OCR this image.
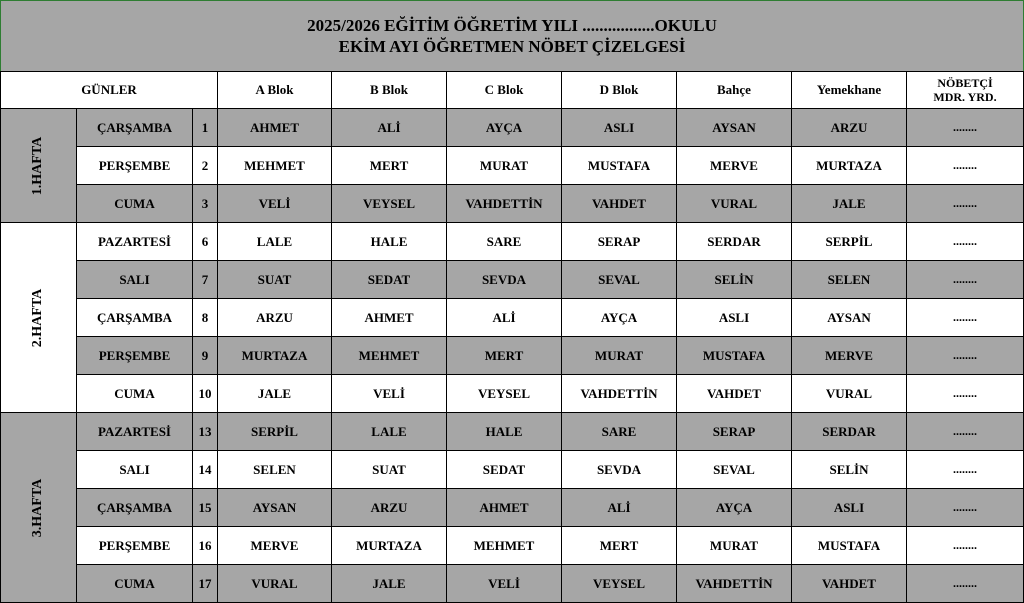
2025/2026 EĞİTİM ÖĞRETİM YILI .................OKULU
EKİM AYI ÖĞRETMEN NÖBET ÇİZELGESİ
GÜNLER			A Blok	B Blok	C Blok	D Blok	Bahçe	Yemekhane	NÖBETÇİ
MDR. YRD.
1.HAFTA	ÇARŞAMBA	1	AHMET	ALİ	AYÇA	ASLI	AYSAN	ARZU	........
	PERŞEMBE	2	MEHMET	MERT	MURAT	MUSTAFA	MERVE	MURTAZA	........
	CUMA	3	VELİ	VEYSEL	VAHDETTİN	VAHDET	VURAL	JALE	........
2.HAFTA	PAZARTESİ	6	LALE	HALE	SARE	SERAP	SERDAR	SERPİL	........
	SALI	7	SUAT	SEDAT	SEVDA	SEVAL	SELİN	SELEN	........
	ÇARŞAMBA	8	ARZU	AHMET	ALİ	AYÇA	ASLI	AYSAN	........
	PERŞEMBE	9	MURTAZA	MEHMET	MERT	MURAT	MUSTAFA	MERVE	........
	CUMA	10	JALE	VELİ	VEYSEL	VAHDETTİN	VAHDET	VURAL	........
3.HAFTA	PAZARTESİ	13	SERPİL	LALE	HALE	SARE	SERAP	SERDAR	........
	SALI	14	SELEN	SUAT	SEDAT	SEVDA	SEVAL	SELİN	........
	ÇARŞAMBA	15	AYSAN	ARZU	AHMET	ALİ	AYÇA	ASLI	........
	PERŞEMBE	16	MERVE	MURTAZA	MEHMET	MERT	MURAT	MUSTAFA	........
	CUMA	17	VURAL	JALE	VELİ	VEYSEL	VAHDETTİN	VAHDET	........
